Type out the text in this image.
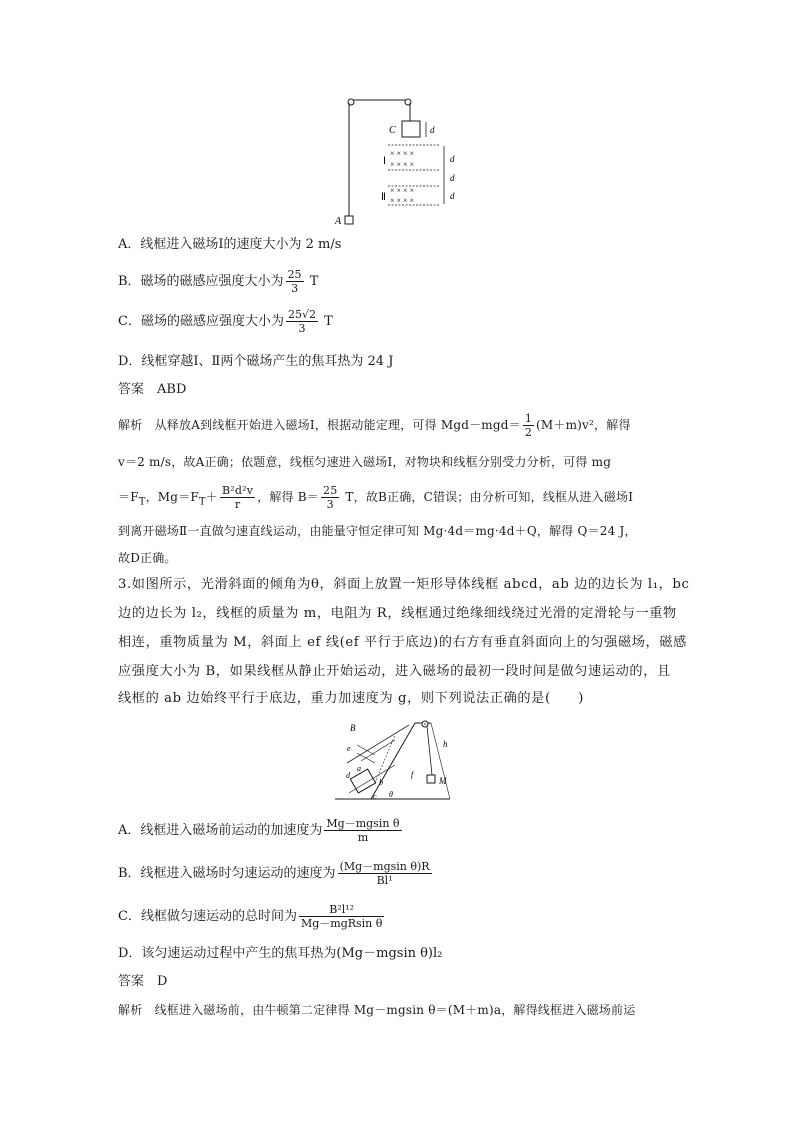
A
C	d
× × × ×
× × × ×
× × × ×
× × × ×
Ⅰ
Ⅱ
d
d
d
A．线框进入磁场Ⅰ的速度大小为 2 m/s
B．磁场的磁感应强度大小为 $\frac{25}{3}$ T
C．磁场的磁感应强度大小为 $\frac{25√2}{3}$ T
D．线框穿越Ⅰ、Ⅱ两个磁场产生的焦耳热为 24 J
答案　 ABD
解析　 从释放A到线框开始进入磁场Ⅰ，根据动能定理，可得 $Mgd-mgd= \frac{1}{2} (M+m)v^2$，解得
v＝2 m/s，故A正确；依题意，线框匀速进入磁场Ⅰ，对物块和线框分别受力分析，可得 mg
$=F_T$，$Mg=F_T+ \frac{\text{B²d²v}}{r}$ ，解得 $B= \frac{25}{3}$ T，故B正确，C错误；由分析可知，线框从进入磁场Ⅰ
到离开磁场Ⅱ一直做匀速直线运动，由能量守恒定律可知 Mg·4d＝mg·4d＋Q，解得 Q＝24 J，
故D正确。
3.如图所示，光滑斜面的倾角为θ，斜面上放置一矩形导体线框 abcd，ab 边的边长为 l₁，bc
边的边长为 l₂，线框的质量为 m，电阻为 R，线框通过绝缘细线绕过光滑的定滑轮与一重物
相连，重物质量为 M，斜面上 ef 线(ef 平行于底边)的右方有垂直斜面向上的匀强磁场，磁感
应强度大小为 B，如果线框从静止开始运动，进入磁场的最初一段时间是做匀速运动的，且
线框的 ab 边始终平行于底边，重力加速度为 g，则下列说法正确的是(　　)
M
h
B
e
a
d
b
c
f
θ
A．线框进入磁场前运动的加速度为 $\frac{\text{Mg－mgsin θ}}{m}$
B．线框进入磁场时匀速运动的速度为 $\frac{\text{(Mg－mgsin θ)R}}{\text{Bl¹}}$
C．线框做匀速运动的总时间为 $\frac{\text{B²l¹²}}{\text{Mg－mgRsin θ}}$
D．该匀速运动过程中产生的焦耳热为(Mg－mgsin θ)l₂
答案　 D
解析　 线框进入磁场前，由牛顿第二定律得 Mg－mgsin θ＝(M＋m)a，解得线框进入磁场前运
